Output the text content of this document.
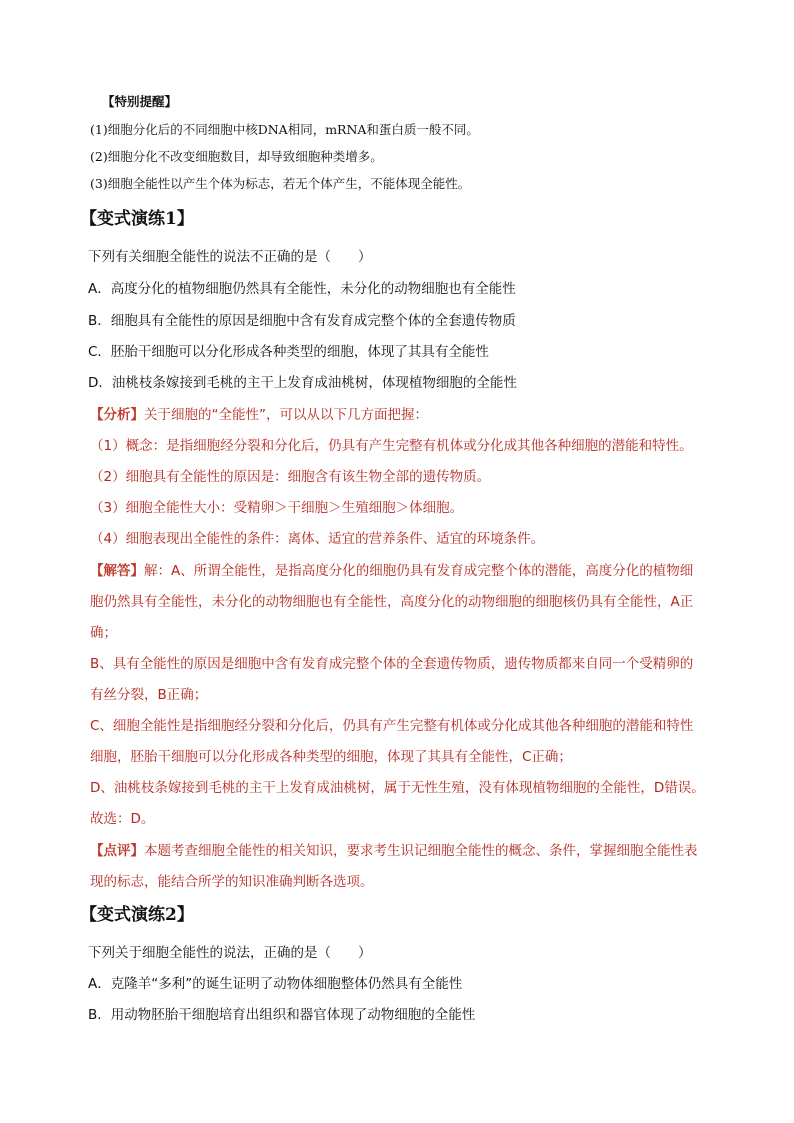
【特别提醒】
(1)细胞分化后的不同细胞中核DNA相同，mRNA和蛋白质一般不同。
(2)细胞分化不改变细胞数目，却导致细胞种类增多。
(3)细胞全能性以产生个体为标志，若无个体产生，不能体现全能性。
【变式演练1】
下列有关细胞全能性的说法不正确的是（　　）
A．高度分化的植物细胞仍然具有全能性，未分化的动物细胞也有全能性
B．细胞具有全能性的原因是细胞中含有发育成完整个体的全套遗传物质
C．胚胎干细胞可以分化形成各种类型的细胞，体现了其具有全能性
D．油桃枝条嫁接到毛桃的主干上发育成油桃树，体现植物细胞的全能性
【分析】关于细胞的“全能性”，可以从以下几方面把握：
（1）概念：是指细胞经分裂和分化后，仍具有产生完整有机体或分化成其他各种细胞的潜能和特性。
（2）细胞具有全能性的原因是：细胞含有该生物全部的遗传物质。
（3）细胞全能性大小：受精卵＞干细胞＞生殖细胞＞体细胞。
（4）细胞表现出全能性的条件：离体、适宜的营养条件、适宜的环境条件。
【解答】解：A、所谓全能性，是指高度分化的细胞仍具有发育成完整个体的潜能，高度分化的植物细
胞仍然具有全能性，未分化的动物细胞也有全能性，高度分化的动物细胞的细胞核仍具有全能性，A正
确；
B、具有全能性的原因是细胞中含有发育成完整个体的全套遗传物质，遗传物质都来自同一个受精卵的
有丝分裂，B正确；
C、细胞全能性是指细胞经分裂和分化后，仍具有产生完整有机体或分化成其他各种细胞的潜能和特性
细胞，胚胎干细胞可以分化形成各种类型的细胞，体现了其具有全能性，C正确；
D、油桃枝条嫁接到毛桃的主干上发育成油桃树，属于无性生殖，没有体现植物细胞的全能性，D错误。
故选：D。
【点评】本题考查细胞全能性的相关知识，要求考生识记细胞全能性的概念、条件，掌握细胞全能性表
现的标志，能结合所学的知识准确判断各选项。
【变式演练2】
下列关于细胞全能性的说法，正确的是（　　）
A．克隆羊“多利”的诞生证明了动物体细胞整体仍然具有全能性
B．用动物胚胎干细胞培育出组织和器官体现了动物细胞的全能性
